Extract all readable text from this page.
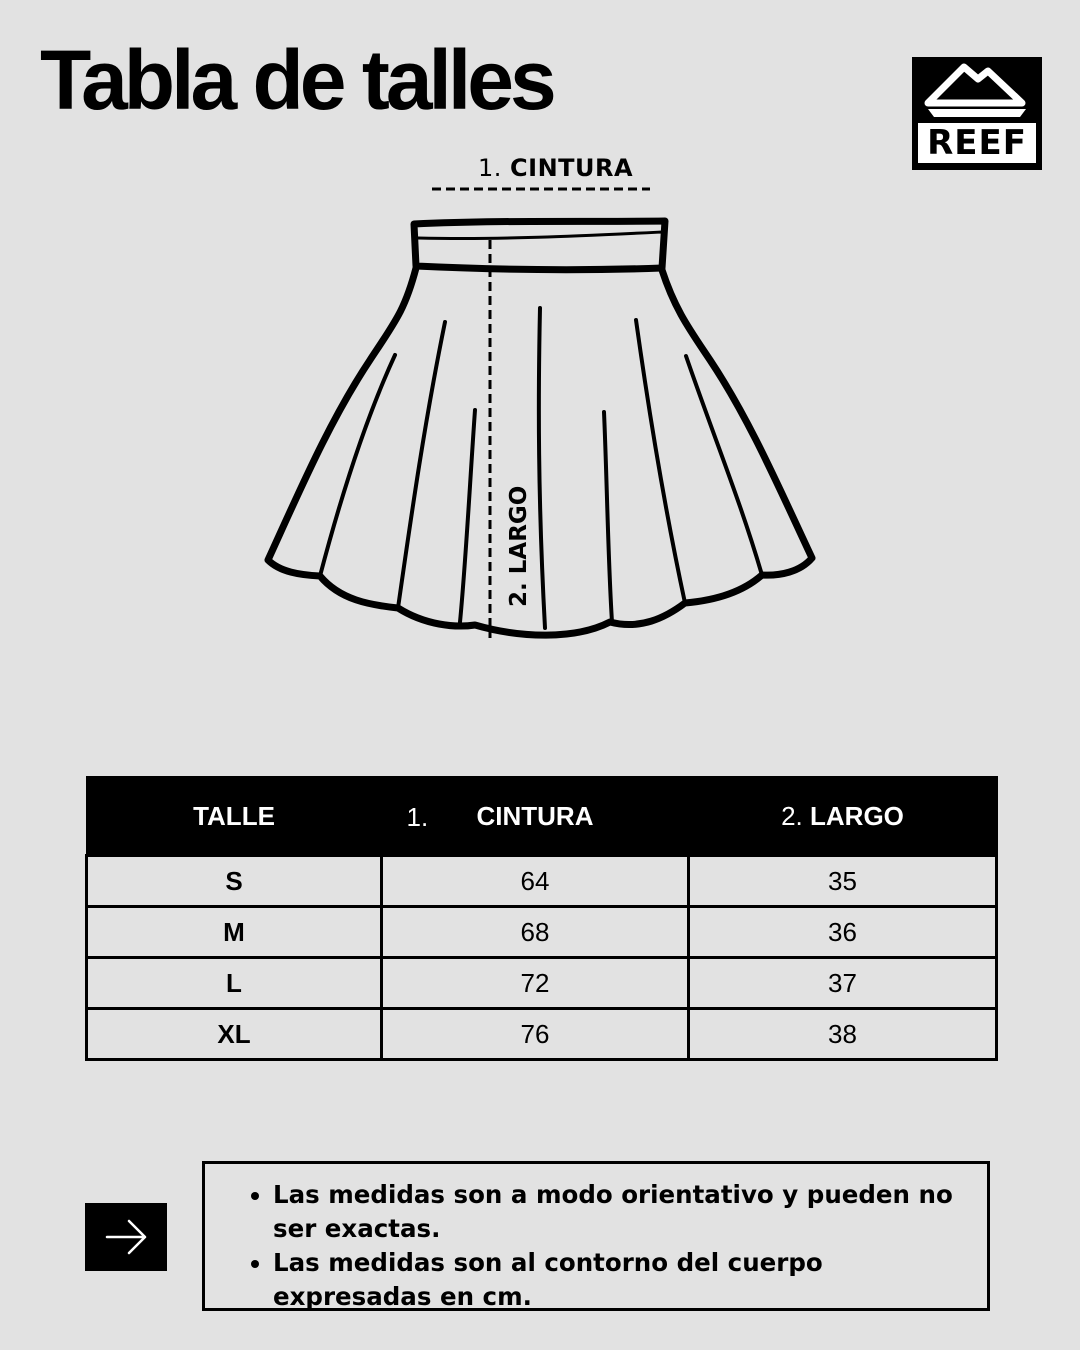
Tabla de talles
REEF
1. CINTURA
2. LARGO
TALLE	1. CINTURA	2. LARGO
S	64	35
M	68	36
L	72	37
XL	76	38
• Las medidas son a modo orientativo y pueden no ser exactas.
• Las medidas son al contorno del cuerpo expresadas en cm.
